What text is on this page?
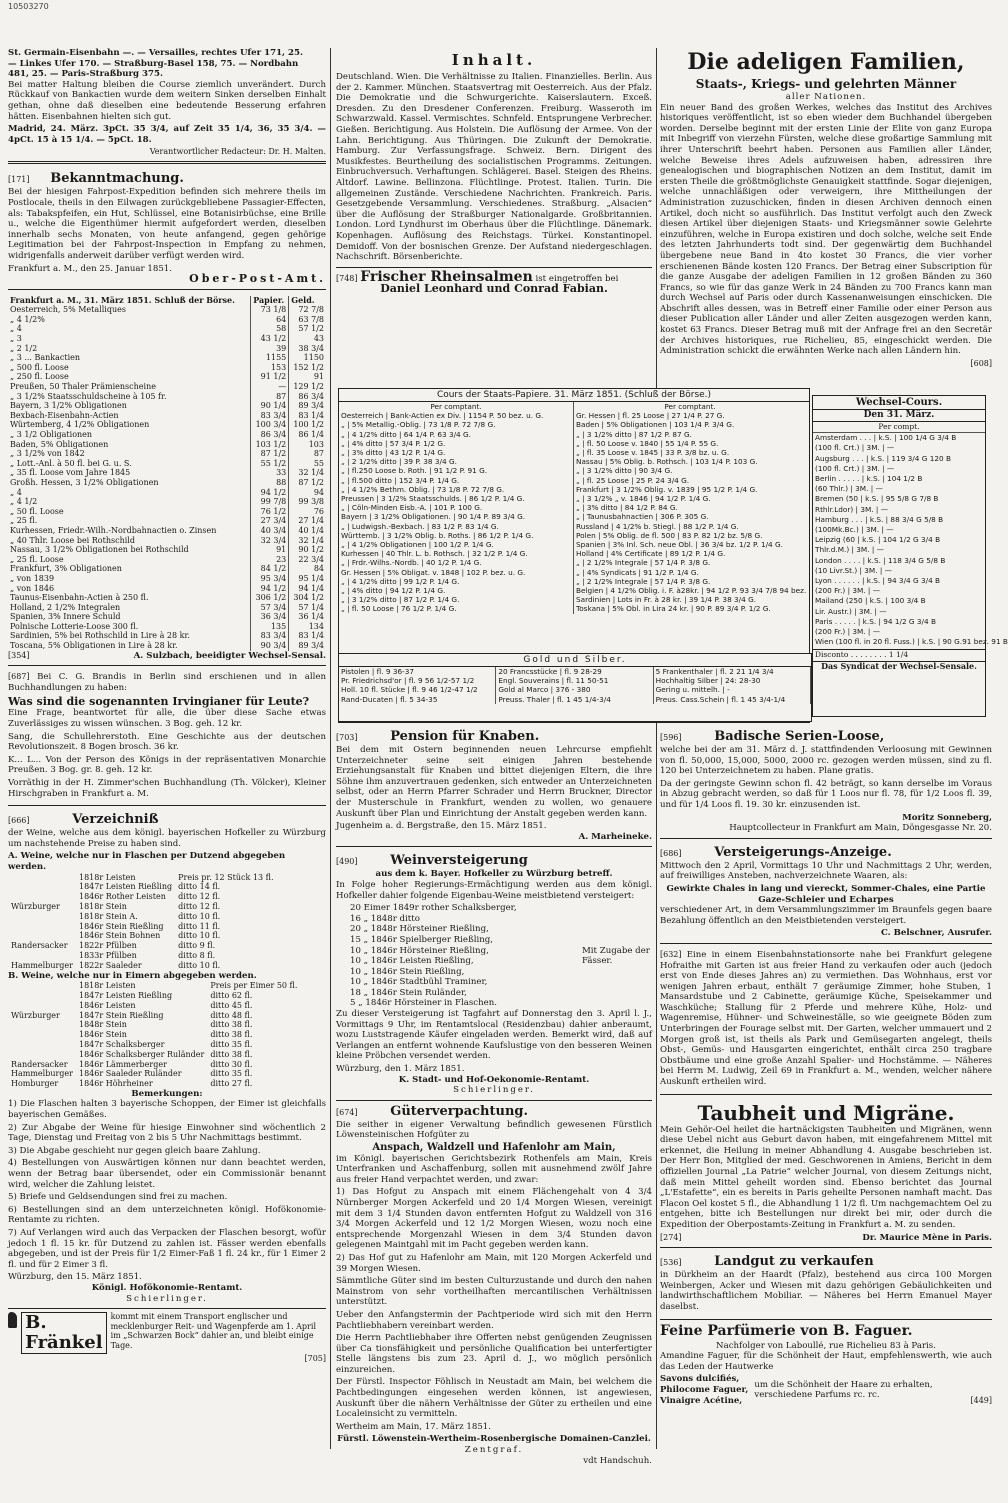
10503270
St. Germain-Eisenbahn —. — Versailles, rechtes Ufer 171, 25.
— Linkes Ufer 170. — Straßburg-Basel 158, 75. — Nordbahn
481, 25. — Paris-Straßburg 375.

Bei matter Haltung bleiben die Course ziemlich unverändert. Durch Rückkauf von Bankactien wurde dem weitern Sinken derselben Einhalt gethan, ohne daß dieselben eine bedeutende Besserung erfahren hätten. Eisenbahnen hielten sich gut.

Madrid, 24. März. 3pCt. 35 3/4, auf Zeit 35 1/4, 36, 35 3/4. — 4pCt. 15 à 15 1/4. — 5pCt. 18.

Verantwortlicher Redacteur: Dr. H. Malten.
[171] Bekanntmachung.

Bei der hiesigen Fahrpost-Expedition befinden sich mehrere theils im Postlocale, theils in den Eilwagen zurückgebliebene Passagier-Effecten, als: Tabakspfeifen, ein Hut, Schlüssel, eine Botanisirbüchse, eine Brille u., welche die Eigenthümer hiermit aufgefordert werden, dieselben innerhalb sechs Monaten, von heute anfangend, gegen gehörige Legitimation bei der Fahrpost-Inspection in Empfang zu nehmen, widrigenfalls anderweit darüber verfügt werden wird.

Frankfurt a. M., den 25. Januar 1851.
Ober-Post-Amt.
Frankfurt a. M., 31. März 1851. Schluß der Börse.	Papier.	Geld.
Oesterreich, 5% Metalliques	73 1/8	72 7/8
„ 4 1/2%	64	63 7/8
„ 4	58	57 1/2
„ 3	43 1/2	43
„ 2 1/2	39	38 3/4
„ 3 ... Bankactien	1155	1150
„ 500 fl. Loose	153	152 1/2
„ 250 fl. Loose	91 1/2	91
Preußen, 50 Thaler Prämienscheine	—	129 1/2
„ 3 1/2% Staatsschuldscheine à 105 fr.	87	86 3/4
Bayern, 3 1/2% Obligationen	90 1/4	89 3/4
Bexbach-Eisenbahn-Actien	83 3/4	83 1/4
Würtemberg, 4 1/2% Obligationen	100 3/4	100 1/2
„ 3 1/2 Obligationen	86 3/4	86 1/4
Baden, 5% Obligationen	103 1/2	103
„ 3 1/2% von 1842	87 1/2	87
„ Lott.-Anl. à 50 fl. bei G. u. S.	55 1/2	55
„ 35 fl. Loose vom Jahre 1845	33	32 1/4
Großh. Hessen, 3 1/2% Obligationen	88	87 1/2
„ 4	94 1/2	94
„ 4 1/2	99 7/8	99 3/8
„ 50 fl. Loose	76 1/2	76
„ 25 fl.	27 3/4	27 1/4
Kurhessen, Friedr.-Wilh.-Nordbahnactien o. Zinsen	40 3/4	40 1/4
„ 40 Thlr. Loose bei Rothschild	32 3/4	32 1/4
Nassau, 3 1/2% Obligationen bei Rothschild	91	90 1/2
„ 25 fl. Loose	23	22 3/4
Frankfurt, 3% Obligationen	84 1/2	84
„ von 1839	95 3/4	95 1/4
„ von 1846	94 1/2	94 1/4
Taunus-Eisenbahn-Actien à 250 fl.	306 1/2	304 1/2
Holland, 2 1/2% Integralen	57 3/4	57 1/4
Spanien, 3% Innere Schuld	36 3/4	36 1/4
Polnische Lotterie-Loose 300 fl.	135	134
Sardinien, 5% bei Rothschild in Lire à 28 kr.	83 3/4	83 1/4
Toscana, 5% Obligationen in Lire à 28 kr.	90 3/4	89 3/4
[354]	A. Sulzbach, beeidigter Wechsel-Sensal.

[687] Bei C. G. Brandis in Berlin sind erschienen und in allen Buchhandlungen zu haben:

Was sind die sogenannten Irvingianer für Leute?

Eine Frage, beantwortet für alle, die über diese Sache etwas Zuverlässiges zu wissen wünschen. 3 Bog. geh. 12 kr.

Sang, die Schullehrerstoth. Eine Geschichte aus der deutschen Revolutionszeit. 8 Bogen brosch. 36 kr.

K... L... Von der Person des Königs in der repräsentativen Monarchie Preußen. 3 Bog. gr. 8. geh. 12 kr.

Vorräthig in der H. Zimmer'schen Buchhandlung (Th. Völcker), Kleiner Hirschgraben in Frankfurt a. M.

[666]	Verzeichniß

der Weine, welche aus dem königl. bayerischen Hofkeller zu Würzburg um nachstehende Preise zu haben sind.

A. Weine, welche nur in Flaschen per Dutzend abgegeben werden.
	1818r Leisten	Preis pr. 12 Stück 13 fl.
	1847r Leisten Rießling	ditto 14 fl.
	1846r Rother Leisten	ditto 12 fl.
Würzburger	1818r Stein	ditto 12 fl.
	1818r Stein A.	ditto 10 fl.
	1846r Stein Rießling	ditto 11 fl.
	1846r Stein Bohnen	ditto 10 fl.
Randersacker	1822r Pfülben	ditto 9 fl.
	1833r Pfülben	ditto 8 fl.
Hammelburger	1822r Saaleder	ditto 10 fl.
B. Weine, welche nur in Eimern abgegeben werden.
	1818r Leisten	Preis per Eimer 50 fl.
	1847r Leisten Rießling	ditto 62 fl.
	1846r Leisten	ditto 45 fl.
Würzburger	1847r Stein Rießling	ditto 48 fl.
	1848r Stein	ditto 38 fl.
	1846r Stein	ditto 38 fl.
	1847r Schalksberger	ditto 35 fl.
	1846r Schalksberger Ruländer	ditto 38 fl.
Randersacker	1846r Lämmerberger	ditto 30 fl.
Hammelburger	1846r Saaleder Ruländer	ditto 35 fl.
Homburger	1846r Höhrheiner	ditto 27 fl.
Bemerkungen:

1) Die Flaschen halten 3 bayerische Schoppen, der Eimer ist gleichfalls bayerischen Gemäßes.

2) Zur Abgabe der Weine für hiesige Einwohner sind wöchentlich 2 Tage, Dienstag und Freitag von 2 bis 5 Uhr Nachmittags bestimmt.

3) Die Abgabe geschieht nur gegen gleich baare Zahlung.

4) Bestellungen von Auswärtigen können nur dann beachtet werden, wenn der Betrag baar übersendet, oder ein Commissionär benannt wird, welcher die Zahlung leistet.

5) Briefe und Geldsendungen sind frei zu machen.

6) Bestellungen sind an dem unterzeichneten königl. Hofökonomie-Rentamte zu richten.

7) Auf Verlangen wird auch das Verpacken der Flaschen besorgt, wofür jedoch 1 fl. 15 kr. für Dutzend zu zahlen ist. Fässer werden ebenfalls abgegeben, und ist der Preis für 1/2 Eimer-Faß 1 fl. 24 kr., für 1 Eimer 2 fl. und für 2 Eimer 3 fl.

Würzburg, den 15. März 1851.
Königl. Hofökonomie-Rentamt.
Schierlinger.
B. Fränkel
kommt mit einem Transport englischer und mecklenburger Reit- und Wagenpferde am 1. April im „Schwarzen Bock“ dahier an, und bleibt einige Tage.
[705]
Inhalt.

Deutschland. Wien. Die Verhältnisse zu Italien. Finanzielles. Berlin. Aus der 2. Kammer. München. Staatsvertrag mit Oesterreich. Aus der Pfalz. Die Demokratie und die Schwurgerichte. Kaiserslautern. Exceß. Dresden. Zu den Dresdener Conferenzen. Freiburg. Wasseroth im Schwarzwald. Kassel. Vermischtes. Schnfeld. Entsprungene Verbrecher. Gießen. Berichtigung. Aus Holstein. Die Auflösung der Armee. Von der Lahn. Berichtigung. Aus Thüringen. Die Zukunft der Demokratie. Hamburg. Zur Verfassungsfrage. Schweiz. Bern. Dirigent des Musikfestes. Beurtheilung des socialistischen Programms. Zeitungen. Einbruchversuch. Verhaftungen. Schlägerei. Basel. Steigen des Rheins. Altdorf. Lawine. Bellinzona. Flüchtlinge. Protest. Italien. Turin. Die allgemeinen Zustände. Verschiedene Nachrichten. Frankreich. Paris. Gesetzgebende Versammlung. Verschiedenes. Straßburg. „Alsacien“ über die Auflösung der Straßburger Nationalgarde. Großbritannien. London. Lord Lyndhurst im Oberhaus über die Flüchtlinge. Dänemark. Kopenhagen. Auflösung des Reichstags. Türkei. Konstantinopel. Demidoff. Von der bosnischen Grenze. Der Aufstand niedergeschlagen. Nachschrift. Börsenberichte.

[748] Frischer Rheinsalmen ist eingetroffen bei
Daniel Leonhard und Conrad Fabian.
Die adeligen Familien,
Staats-, Kriegs- und gelehrten Männer
aller Nationen.

Ein neuer Band des großen Werkes, welches das Institut des Archives historiques veröffentlicht, ist so eben wieder dem Buchhandel übergeben worden. Derselbe beginnt mit der ersten Linie der Elite von ganz Europa mit Inbegriff von vierzehn Fürsten, welche diese großartige Sammlung mit ihrer Unterschrift beehrt haben. Personen aus Familien aller Länder, welche Beweise ihres Adels aufzuweisen haben, adressiren ihre genealogischen und biographischen Notizen an dem Institut, damit im ersten Theile die größtmöglichste Genauigkeit stattfinde. Sogar diejenigen, welche unnachläßigen oder verweigern, ihre Mittheilungen der Administration zuzuschicken, finden in diesen Archiven dennoch einen Artikel, doch nicht so ausführlich. Das Institut verfolgt auch den Zweck diesen Artikel über diejenigen Staats- und Kriegsmänner sowie Gelehrte einzuführen, welche in Europa existiren und doch solche, welche seit Ende des letzten Jahrhunderts todt sind. Der gegenwärtig dem Buchhandel übergebene neue Band in 4to kostet 30 Francs, die vier vorher erschienenen Bände kosten 120 Francs. Der Betrag einer Subscription für die ganze Ausgabe der adeligen Familien in 12 großen Bänden zu 360 Francs, so wie für das ganze Werk in 24 Bänden zu 700 Francs kann man durch Wechsel auf Paris oder durch Kassenanweisungen einschicken. Die Abschrift alles dessen, was in Betreff einer Familie oder einer Person aus dieser Publication aller Länder und aller Zeiten ausgezogen werden kann, kostet 63 Francs. Dieser Betrag muß mit der Anfrage frei an den Secretär der Archives historiques, rue Richelieu, 85, eingeschickt werden. Die Administration schickt die erwähnten Werke nach allen Ländern hin.

[608]
Cours der Staats-Papiere. 31. März 1851. (Schluß der Börse.)
Per comptant.
Oesterreich | Bank-Actien ex Div. | 1154 P. 50 bez. u. G.
„ | 5% Metallig.-Oblig. | 73 1/8 P. 72 7/8 G.
„ | 4 1/2% ditto | 64 1/4 P. 63 3/4 G.
„ | 4% ditto | 57 3/4 P. 1/2 G.
„ | 3% ditto | 43 1/2 P. 1/4 G.
„ | 2 1/2% ditto | 39 P. 38 3/4 G.
„ | fl.250 Loose b. Roth. | 91 1/2 P. 91 G.
„ | fl.500 ditto | 152 3/4 P. 1/4 G.
„ | 4 1/2% Bethm. Oblig. | 73 1/8 P. 72 7/8 G.
Preussen | 3 1/2% Staatsschulds. | 86 1/2 P. 1/4 G.
„ | Cöln-Minden Eisb.-A. | 101 P. 100 G.
Bayern | 3 1/2% Obligationen. | 90 1/4 P. 89 3/4 G.
„ | Ludwigsh.-Bexbach. | 83 1/2 P. 83 1/4 G.
Württemb. | 3 1/2% Oblig. b. Roths. | 86 1/2 P. 1/4 G.
„ | 4 1/2% Obligationen | 100 1/2 P. 1/4 G.
Kurhessen | 40 Thlr. L. b. Rothsch. | 32 1/2 P. 1/4 G.
„ | Frdr.-Wilhs.-Nordb. | 40 1/2 P. 1/4 G.
Gr. Hessen | 5% Obligat. v. 1848 | 102 P. bez. u. G.
„ | 4 1/2% ditto | 99 1/2 P. 1/4 G.
„ | 4% ditto | 94 1/2 P. 1/4 G.
„ | 3 1/2% ditto | 87 1/2 P. 1/4 G.
„ | fl. 50 Loose | 76 1/2 P. 1/4 G.
Per comptant.
Gr. Hessen | fl. 25 Loose | 27 1/4 P. 27 G.
Baden | 5% Obligationen | 103 1/4 P. 3/4 G.
„ | 3 1/2% ditto | 87 1/2 P. 87 G.
„ | fl. 50 Loose v. 1840 | 55 1/4 P. 55 G.
„ | fl. 35 Loose v. 1845 | 33 P. 3/8 bz. u. G.
Nassau | 5% Oblig. b. Rothsch. | 103 1/4 P. 103 G.
„ | 3 1/2% ditto | 90 3/4 G.
„ | fl. 25 Loose | 25 P. 24 3/4 G.
Frankfurt | 3 1/2% Oblig. v. 1839 | 95 1/2 P. 1/4 G.
„ | 3 1/2% „ v. 1846 | 94 1/2 P. 1/4 G.
„ | 3% ditto | 84 1/2 P. 84 G.
„ | Taunusbahnactien | 306 P. 305 G.
Russland | 4 1/2% b. Stiegl. | 88 1/2 P. 1/4 G.
Polen | 5% Oblig. de fl. 500 | 83 P. 82 1/2 bz. 5/8 G.
Spanien | 3% Inl. Sch. neue Obl. | 36 3/4 bz. 1/2 P. 1/4 G.
Holland | 4% Certificate | 89 1/2 P. 1/4 G.
„ | 2 1/2% Integrale | 57 1/4 P. 3/8 G.
„ | 4% Syndicats | 91 1/2 P. 1/4 G.
„ | 2 1/2% Integrale | 57 1/4 P. 3/8 G.
Belgien | 4 1/2% Oblig. i. F. à28kr. | 94 1/2 P. 93 3/4 7/8 94 bez.
Sardinien | Lots in Fr. à 28 kr. | 39 1/4 P. 38 3/4 G.
Toskana | 5% Obl. in Lira 24 kr. | 90 P. 89 3/4 P. 1/2 G.
Gold und Silber.
Pistolen | fl. 9 36-37	20 Francsstücke | fl. 9 28-29	5 Frankenthaler | fl. 2 21 1/4 3/4
Pr. Friedrichsd'or | fl. 9 56 1/2-57 1/2	Engl. Souverains | fl. 11 50-51	Hochhaltig Silber | 24: 28-30
Holl. 10 fl. Stücke | fl. 9 46 1/2-47 1/2	Gold al Marco | 376 - 380	Gering u. mittelh. | -
Rand-Ducaten | fl. 5 34-35	Preuss. Thaler | fl. 1 45 1/4-3/4	Preus. Cass.Schein | fl. 1 45 3/4-1/4
Wechsel-Cours.
Den 31. März.
Per compt.
Amsterdam . . . | k.S. | 100 1/4 G 3/4 B
(100 fl. Crt.) | 3M. | —
Augsburg . . . | k.S. | 119 3/4 G 120 B
(100 fl. Crt.) | 3M. | —
Berlin . . . . . | k.S. | 104 1/2 B
(60 Thlr.) | 3M. | —
Bremen (50 | k.S. | 95 5/8 G 7/8 B
Rthlr.Ldor) | 3M. | —
Hamburg . . . | k.S. | 88 3/4 G 5/8 B
(100Mk.Bc.) | 3M. | —
Leipzig (60 | k.S. | 104 1/2 G 3/4 B
Thlr.d.M.) | 3M. | —
London . . . . | k.S. | 118 3/4 G 5/8 B
(10 Livr.St.) | 3M. | —
Lyon . . . . . . | k.S. | 94 3/4 G 3/4 B
(200 Fr.) | 3M. | —
Mailand (250 | k.S. | 100 3/4 B
Lir. Austr.) | 3M. | —
Paris . . . . . | k.S. | 94 1/2 G 3/4 B
(200 Fr.) | 3M. | —
Wien (100 fl. in 20 fl. Fuss.) | k.S. | 90 G.91 bez. 91 B
Disconto . . . . . . . . 1 1/4
Das Syndicat der Wechsel-Sensale.
[703]	Pension für Knaben.

Bei dem mit Ostern beginnenden neuen Lehrcurse empfiehlt Unterzeichneter seine seit einigen Jahren bestehende Erziehungsanstalt für Knaben und bittet diejenigen Eltern, die ihre Söhne ihm anzuvertrauen gedenken, sich entweder an Unterzeichneten selbst, oder an Herrn Pfarrer Schrader und Herrn Bruckner, Director der Musterschule in Frankfurt, wenden zu wollen, wo genauere Auskunft über Plan und Einrichtung der Anstalt gegeben werden kann.

Jugenheim a. d. Bergstraße, den 15. März 1851.
A. Marheineke.
[490]	Weinversteigerung
aus dem k. Bayer. Hofkeller zu Würzburg betreff.

In Folge hoher Regierungs-Ermächtigung werden aus dem königl. Hofkeller dahier folgende Eigenbau-Weine meistbietend versteigert:

20 Eimer 1849r rother Schalksberger,
16 „ 1848r ditto
20 „ 1848r Hörsteiner Rießling,
15 „ 1846r Spielberger Rießling,
10 „ 1846r Hörsteiner Rießling,
10 „ 1846r Leisten Rießling,
10 „ 1846r Stein Rießling,
10 „ 1846r Stadtbühl Traminer,
18 „ 1846r Stein Ruländer,
5 „ 1846r Hörsteiner in Flaschen.
Mit Zugabe der Fässer.

Zu dieser Versteigerung ist Tagfahrt auf Donnerstag den 3. April l. J., Vormittags 9 Uhr, im Rentamtslocal (Residenzbau) dahier anberaumt, wozu Luststragende Käufer eingeladen werden. Bemerkt wird, daß auf Verlangen an entfernt wohnende Kaufslustige von den besseren Weinen kleine Pröbchen versendet werden.

Würzburg, den 1. März 1851.
K. Stadt- und Hof-Oekonomie-Rentamt.
Schierlinger.
[674]	Güterverpachtung.

Die seither in eigener Verwaltung befindlich gewesenen Fürstlich Löwensteinischen Hofgüter zu

Anspach, Waldzell und Hafenlohr am Main,

im Königl. bayerischen Gerichtsbezirk Rothenfels am Main, Kreis Unterfranken und Aschaffenburg, sollen mit ausnehmend zwölf Jahre aus freier Hand verpachtet werden, und zwar:

1) Das Hofgut zu Anspach mit einem Flächengehalt von 4 3/4 Nürnberger Morgen Ackerfeld und 20 1/4 Morgen Wiesen, vereinigt mit dem 3 1/4 Stunden davon entfernten Hofgut zu Waldzell von 316 3/4 Morgen Ackerfeld und 12 1/2 Morgen Wiesen, wozu noch eine entsprechende Morgenzahl Wiesen in dem 3/4 Stunden davon gelegenen Maintgahl mit im Pacht gegeben werden kann.

2) Das Hof gut zu Hafenlohr am Main, mit 120 Morgen Ackerfeld und 39 Morgen Wiesen.

Sämmtliche Güter sind im besten Culturzustande und durch den nahen Mainstrom von sehr vortheilhaften mercantilischen Verhältnissen unterstützt.

Ueber den Anfangstermin der Pachtperiode wird sich mit den Herrn Pachtliebhabern vereinbart werden.

Die Herrn Pachtliebhaber ihre Offerten nebst genügenden Zeugnissen über Ca tionsfähigkeit und persönliche Qualification bei unterfertigter Stelle längstens bis zum 23. April d. J., wo möglich persönlich einzureichen.

Der Fürstl. Inspector Föhlisch in Neustadt am Main, bei welchem die Pachtbedingungen eingesehen werden können, ist angewiesen, Auskunft über die nähern Verhältnisse der Güter zu ertheilen und eine Localeinsicht zu vermitteln.

Wertheim am Main, 17. März 1851.

Fürstl. Löwenstein-Wertheim-Rosenbergische Domainen-Canzlei.
Zentgraf.
vdt Handschuh.
[596]	Badische Serien-Loose,

welche bei der am 31. März d. J. stattfindenden Verloosung mit Gewinnen von fl. 50,000, 15,000, 5000, 2000 rc. gezogen werden müssen, sind zu fl. 120 bei Unterzeichnetem zu haben. Plane gratis.

Da der geringste Gewinn schon fl. 42 beträgt, so kann derselbe im Voraus in Abzug gebracht werden, so daß für 1 Loos nur fl. 78, für 1/2 Loos fl. 39, und für 1/4 Loos fl. 19. 30 kr. einzusenden ist.

Moritz Sonneberg,
Hauptcollecteur in Frankfurt am Main, Döngesgasse Nr. 20.
[686]	Versteigerungs-Anzeige.

Mittwoch den 2 April, Vormittags 10 Uhr und Nachmittags 2 Uhr, werden, auf freiwilliges Ansteben, nachverzeichnete Waaren, als:

Gewirkte Chales in lang und viereckt, Sommer-Chales, eine Partie Gaze-Schleier und Echarpes

verschiedener Art, in dem Versammlungszimmer im Braunfels gegen baare Bezahlung öffentlich an den Meistbietenden versteigert.

C. Belschner, Ausrufer.

[632] Eine in einem Eisenbahnstationsorte nahe bei Frankfurt gelegene Hofraithe mit Garten ist aus freier Hand zu verkaufen oder auch (jedoch erst von Ende dieses Jahres an) zu vermiethen. Das Wohnhaus, erst vor wenigen Jahren erbaut, enthält 7 geräumige Zimmer, hohe Stuben, 1 Mansardstube und 2 Cabinette, geräumige Küche, Speisekammer und Waschküche; Stallung für 2 Pferde und mehrere Kühe, Holz- und Wagenremise, Hühner- und Schweineställe, so wie geeignete Böden zum Unterbringen der Fourage selbst mit. Der Garten, welcher ummauert und 2 Morgen groß ist, ist theils als Park und Gemüsegarten angelegt, theils Obst-, Gemüs- und Hausgarten eingerichtet, enthält circa 250 tragbare Obstbäume und eine große Anzahl Spalier- und Hochstämme. — Näheres bei Herrn M. Ludwig, Zeil 69 in Frankfurt a. M., wenden, welcher nähere Auskunft ertheilen wird.

Taubheit und Migräne.

Mein Gehör-Oel heilet die hartnäckigsten Taubheiten und Migränen, wenn diese Uebel nicht aus Geburt davon haben, mit eingefahrenem Mittel mit erkennet, die Heilung in meiner Abhandlung 4. Ausgabe beschrieben ist. Der Herr Bon, Mitglied der med. Geschworenen in Amiens, Bericht in dem offiziellen Journal „La Patrie“ welcher Journal, von diesem Zeitungs nicht, daß mein Mittel geheilt worden sind. Ebenso berichtet das Journal „L'Estafette“, ein es bereits in Paris geheilte Personen namhaft macht. Das Flacon Oel kostet 5 fl., die Abhandlung 1 1/2 fl. Um nachgemachtem Oel zu entgehen, bitte ich Bestellungen nur direkt bei mir, oder durch die Expedition der Oberpostamts-Zeitung in Frankfurt a. M. zu senden.

[274]	Dr. Maurice Mène in Paris.
[536]	Landgut zu verkaufen

in Dürkheim an der Haardt (Pfalz), bestehend aus circa 100 Morgen Weinbergen, Acker und Wiesen mit dazu gehörigen Gebäulichkeiten und landwirthschaftlichem Mobiliar. — Näheres bei Herrn Emanuel Mayer daselbst.

Feine Parfümerie von B. Faguer.
Nachfolger von Laboullé, rue Richelieu 83 à Paris.

Amandine Faguer, für die Schönheit der Haut, empfehlenswerth, wie auch das Leden der Hautwerke

Savons dulcifiés,
Philocome Faguer,
Vinaigre Acétine,
um die Schönheit der Haare zu erhalten, verschiedene Parfums rc. rc.	[449]
